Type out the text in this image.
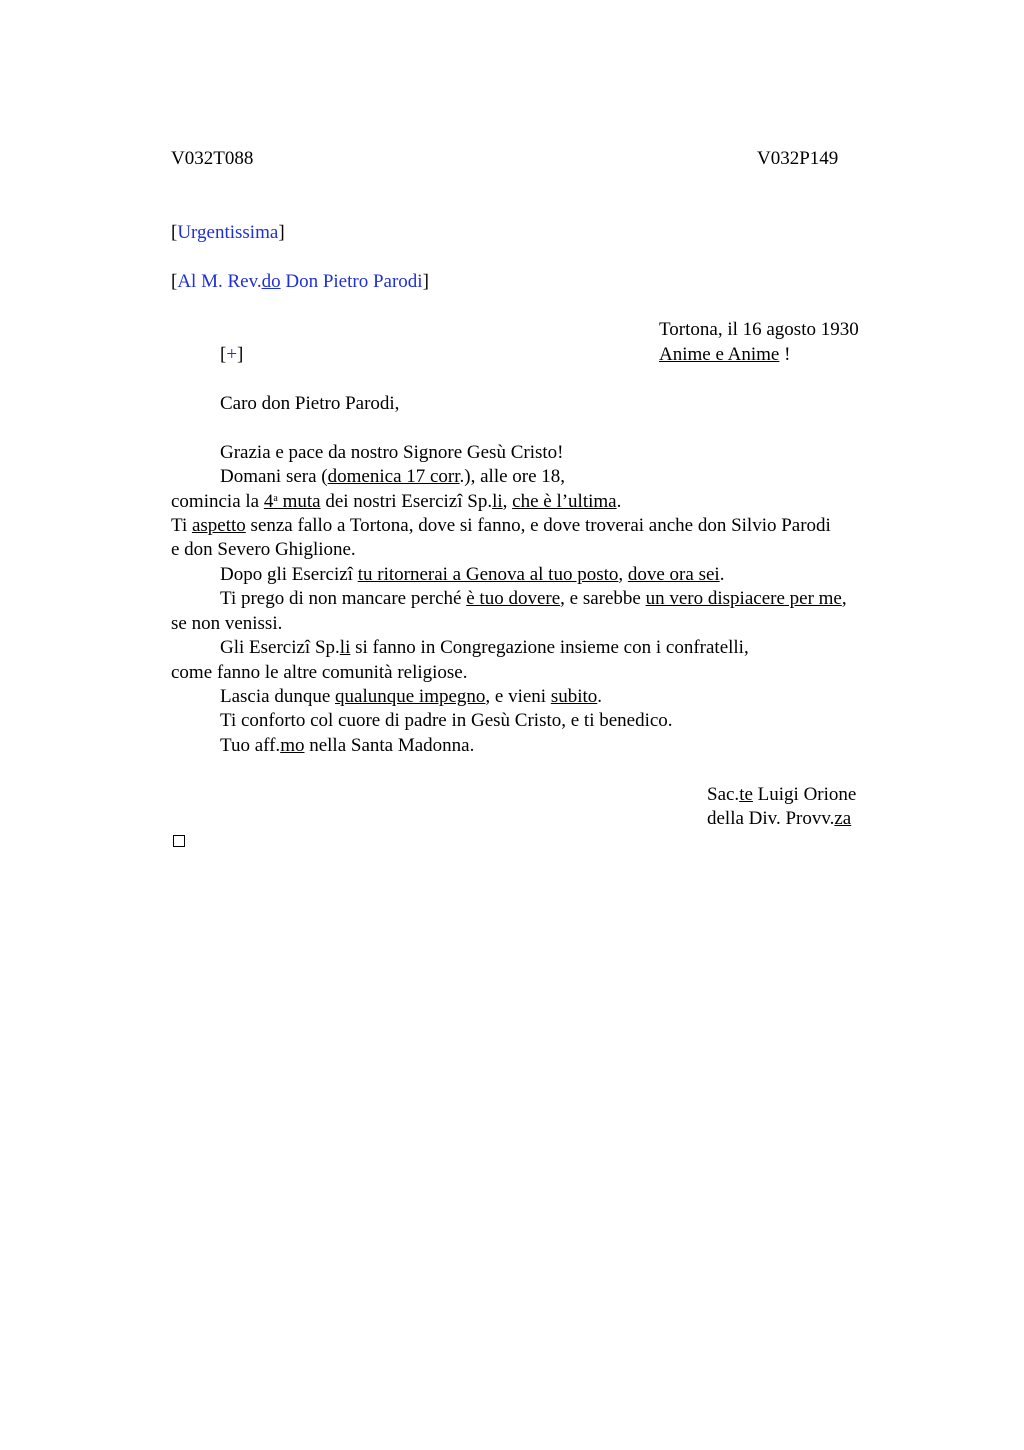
V032T088	V032P149
[Urgentissima]
[Al M. Rev.do Don Pietro Parodi]
Tortona, il 16 agosto 1930
[+]	Anime e Anime !
Caro don Pietro Parodi,
Grazia e pace da nostro Signore Gesù Cristo!
Domani sera (domenica 17 corr.), alle ore 18,
comincia la 4$^a$ muta dei nostri Esercizi Sp.li, che è l’ultima.
Ti aspetto senza fallo a Tortona, dove si fanno, e dove troverai anche don Silvio Parodi
e don Severo Ghiglione.
Dopo gli Esercizi tu ritornerai a Genova al tuo posto, dove ora sei.
Ti prego di non mancare perché è tuo dovere, e sarebbe un vero dispiacere per me,
se non venissi.
Gli Esercizi Sp.li si fanno in Congregazione insieme con i confratelli,
come fanno le altre comunità religiose.
Lascia dunque qualunque impegno, e vieni subito.
Ti conforto col cuore di padre in Gesù Cristo, e ti benedico.
Tuo aff.mo nella Santa Madonna.
Sac.te Luigi Orione
della Div. Provv.za
